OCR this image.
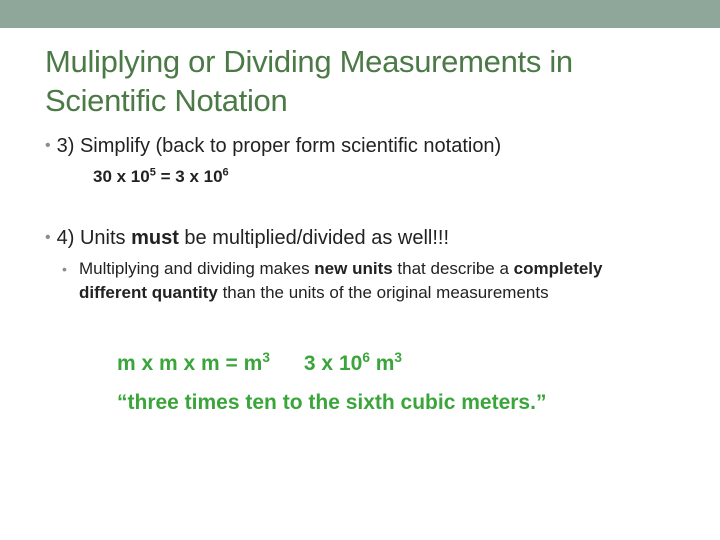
Muliplying or Dividing Measurements in Scientific Notation
• 3) Simplify (back to proper form scientific notation)
30 x $10^5 = 3$ x $10^6$
• 4) Units must be multiplied/divided as well!!!
• Multiplying and dividing makes new units that describe a completely different quantity than the units of the original measurements
m x m x $m = m^3$ 3 x $10^6$ $m^3$
“three times ten to the sixth cubic meters.”
